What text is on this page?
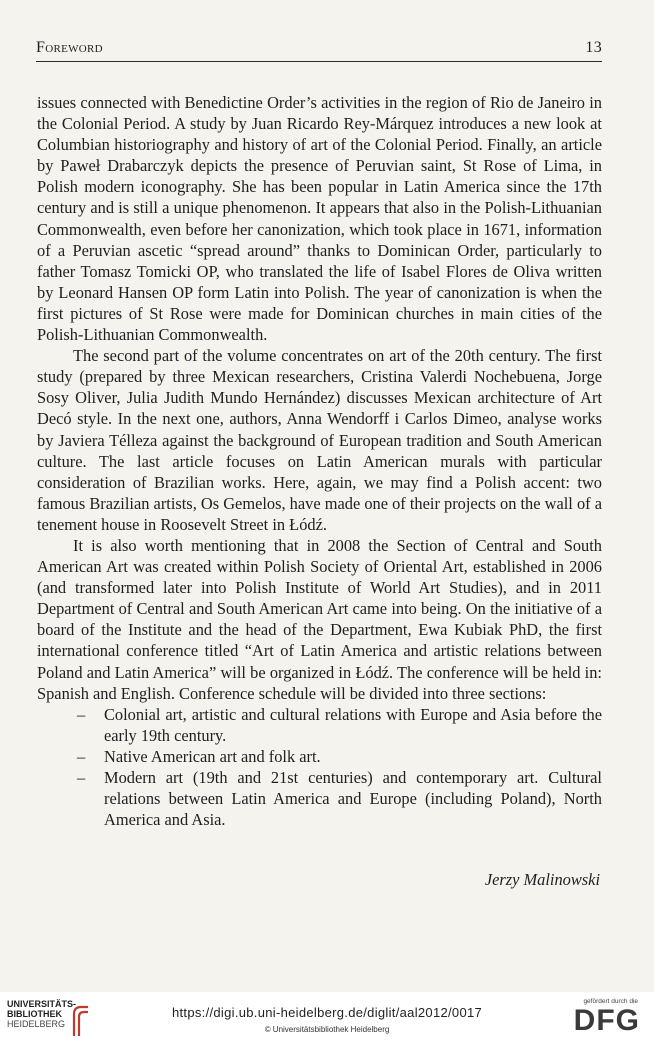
Foreword	13

issues connected with Benedictine Order’s activities in the region of Rio de Janeiro in the Colonial Period. A study by Juan Ricardo Rey-Márquez introduces a new look at Columbian historiography and history of art of the Colonial Period. Finally, an article by Paweł Drabarczyk depicts the presence of Peruvian saint, St Rose of Lima, in Polish modern iconography. She has been popular in Latin America since the 17th century and is still a unique phenomenon. It appears that also in the Polish-Lithuanian Commonwealth, even before her canonization, which took place in 1671, information of a Peruvian ascetic “spread around” thanks to Dominican Order, particularly to father Tomasz Tomicki OP, who translated the life of Isabel Flores de Oliva written by Leonard Hansen OP form Latin into Polish. The year of canonization is when the first pictures of St Rose were made for Dominican churches in main cities of the Polish-Lithuanian Commonwealth.

The second part of the volume concentrates on art of the 20th century. The first study (prepared by three Mexican researchers, Cristina Valerdi Nochebuena, Jorge Sosy Oliver, Julia Judith Mundo Hernández) discusses Mexican architecture of Art Decó style. In the next one, authors, Anna Wendorff i Carlos Dimeo, analyse works by Javiera Télleza against the background of European tradition and South American culture. The last article focuses on Latin American murals with particular consideration of Brazilian works. Here, again, we may find a Polish accent: two famous Brazilian artists, Os Gemelos, have made one of their projects on the wall of a tenement house in Roosevelt Street in Łódź.

It is also worth mentioning that in 2008 the Section of Central and South American Art was created within Polish Society of Oriental Art, established in 2006 (and transformed later into Polish Institute of World Art Studies), and in 2011 Department of Central and South American Art came into being. On the initiative of a board of the Institute and the head of the Department, Ewa Kubiak PhD, the first international conference titled “Art of Latin America and artistic relations between Poland and Latin America” will be organized in Łódź. The conference will be held in: Spanish and English. Conference schedule will be divided into three sections:

– Colonial art, artistic and cultural relations with Europe and Asia before the early 19th century.
– Native American art and folk art.
– Modern art (19th and 21st centuries) and contemporary art. Cultural relations between Latin America and Europe (including Poland), North America and Asia.
Jerzy Malinowski
UNIVERSITÄTS-
BIBLIOTHEK
HEIDELBERG
https://digi.ub.uni-heidelberg.de/diglit/aal2012/0017
© Universitätsbibliothek Heidelberg
gefördert durch die
DFG
